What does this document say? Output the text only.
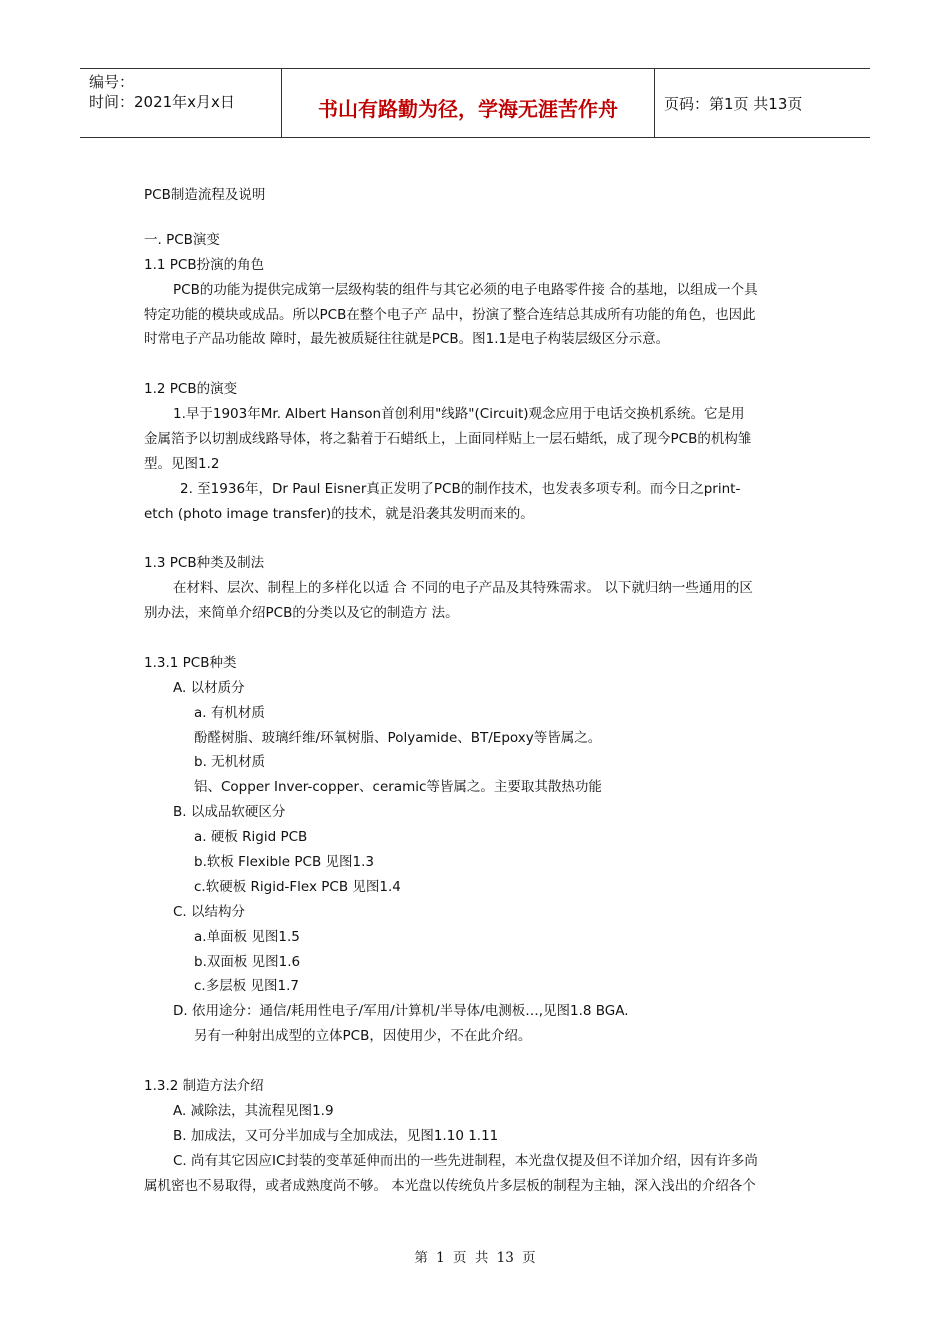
编号：
时间：2021年x月x日	书山有路勤为径，学海无涯苦作舟	页码：第1页 共13页
PCB制造流程及说明
一. PCB演变
1.1 PCB扮演的角色
PCB的功能为提供完成第一层级构装的组件与其它必须的电子电路零件接 合的基地，以组成一个具
特定功能的模块或成品。所以PCB在整个电子产 品中，扮演了整合连结总其成所有功能的角色，也因此
时常电子产品功能故 障时，最先被质疑往往就是PCB。图1.1是电子构装层级区分示意。
1.2 PCB的演变
1.早于1903年Mr. Albert Hanson首创利用"线路"(Circuit)观念应用于电话交换机系统。它是用
金属箔予以切割成线路导体，将之黏着于石蜡纸上，上面同样贴上一层石蜡纸，成了现今PCB的机构雏
型。见图1.2
2. 至1936年，Dr Paul Eisner真正发明了PCB的制作技术，也发表多项专利。而今日之print-
etch (photo image transfer)的技术，就是沿袭其发明而来的。
1.3 PCB种类及制法
在材料、层次、制程上的多样化以适 合 不同的电子产品及其特殊需求。 以下就归纳一些通用的区
别办法，来简单介绍PCB的分类以及它的制造方 法。
1.3.1 PCB种类
A. 以材质分
a. 有机材质
酚醛树脂、玻璃纤维/环氧树脂、Polyamide、BT/Epoxy等皆属之。
b. 无机材质
铝、Copper Inver-copper、ceramic等皆属之。主要取其散热功能
B. 以成品软硬区分
a. 硬板 Rigid PCB
b.软板 Flexible PCB 见图1.3
c.软硬板 Rigid-Flex PCB 见图1.4
C. 以结构分
a.单面板 见图1.5
b.双面板 见图1.6
c.多层板 见图1.7
D. 依用途分：通信/耗用性电子/军用/计算机/半导体/电测板…,见图1.8 BGA.
另有一种射出成型的立体PCB，因使用少，不在此介绍。
1.3.2 制造方法介绍
A. 减除法，其流程见图1.9
B. 加成法，又可分半加成与全加成法，见图1.10 1.11
C. 尚有其它因应IC封装的变革延伸而出的一些先进制程，本光盘仅提及但不详加介绍，因有许多尚
属机密也不易取得，或者成熟度尚不够。 本光盘以传统负片多层板的制程为主轴，深入浅出的介绍各个
第 1 页 共 13 页
